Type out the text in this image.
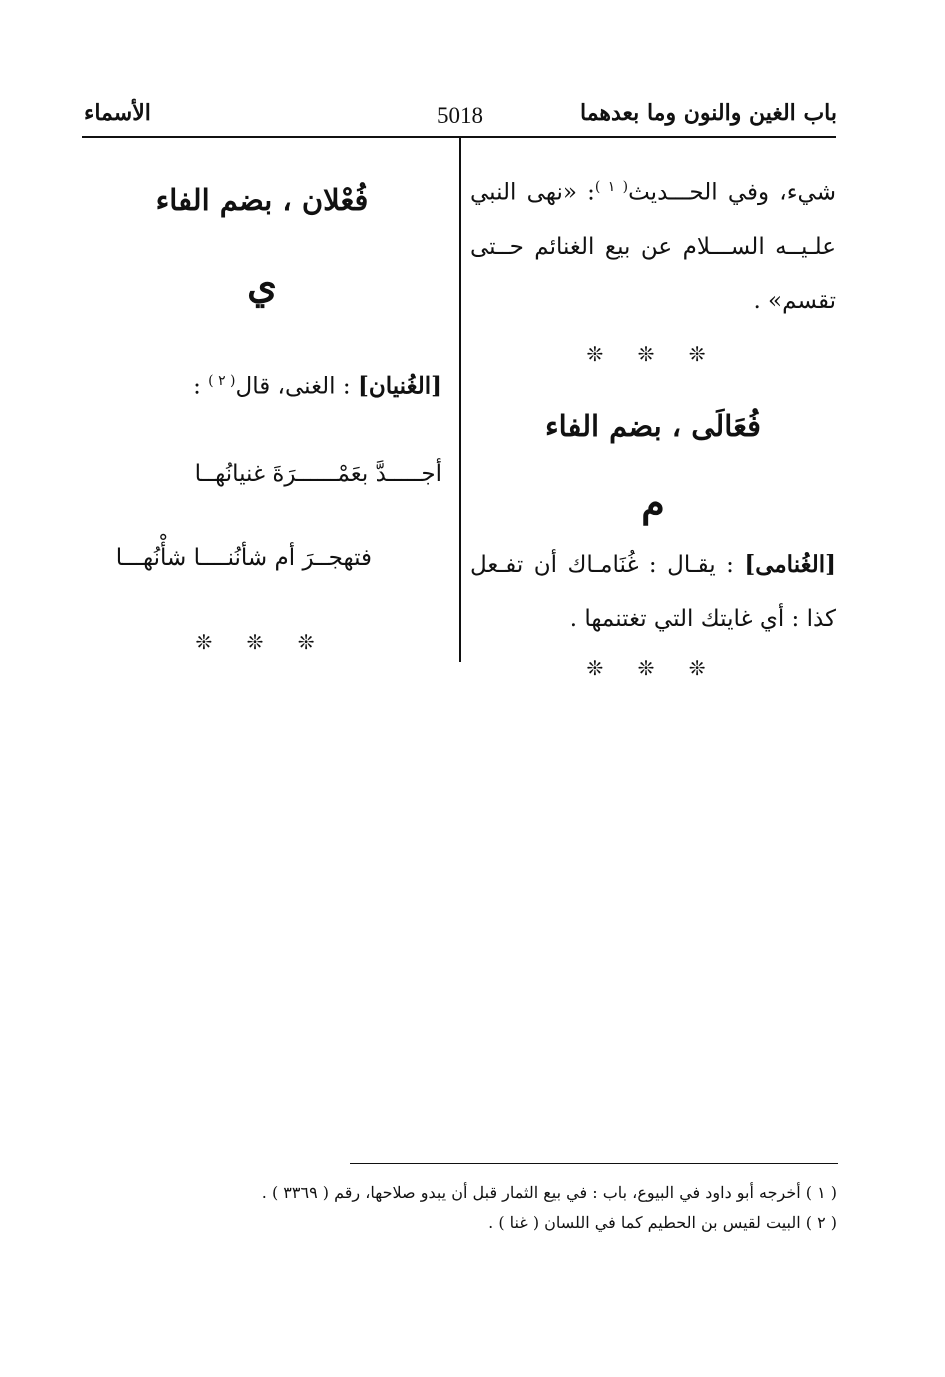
باب الغين والنون وما بعدهما
5018
الأسماء

شيء، وفي الحـــديث$^{( ١ )}$: «نهى النبي علـيــه الســـلام عن بيع الغنائم حــتى تقسم» .

❊ ❊ ❊
فُعَالَى ، بضم الفاء
م

[الغُنامى] : يقـال : غُنَامـاك أن تفـعل كذا : أي غايتك التي تغتنمها .

❊ ❊ ❊
فُعْلان ، بضم الفاء
ي

[الغُنيان] : الغنى، قال$^{( ٢ )}$ :

أجـــــدَّ بعَمْــــــرَةَ غنيانُهــا
فتهجــرَ أم شأنُنــــا شأْنُهـــا
❊ ❊ ❊
( ١ ) أخرجه أبو داود في البيوع، باب : في بيع الثمار قبل أن يبدو صلاحها، رقم ( ٣٣٦٩ ) .
( ٢ ) البيت لقيس بن الحطيم كما في اللسان ( غنا ) .
